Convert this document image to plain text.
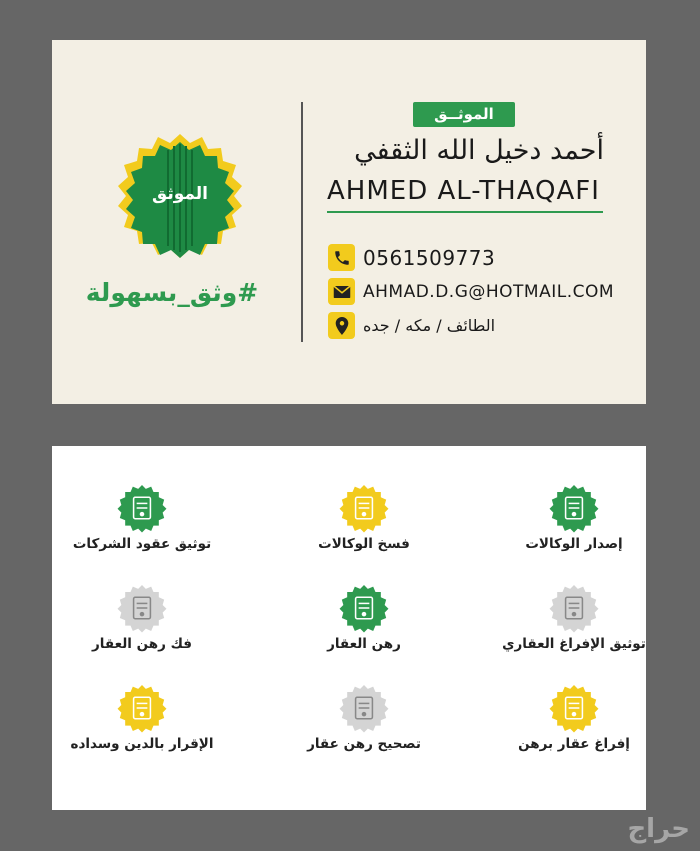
الموثق
#وثق_بسهولة
الموثــق
أحمد دخيل الله الثقفي
AHMED AL-THAQAFI
0561509773
AHMAD.D.G@HOTMAIL.COM
الطائف / مكه / جده
توثيق عقود الشركات	فسخ الوكالات	إصدار الوكالات
فك رهن العقار	رهن العقار	توثيق الإفراغ العقاري
الإقرار بالدين وسداده	تصحيح رهن عقار	إفراغ عقار برهن
حراج
